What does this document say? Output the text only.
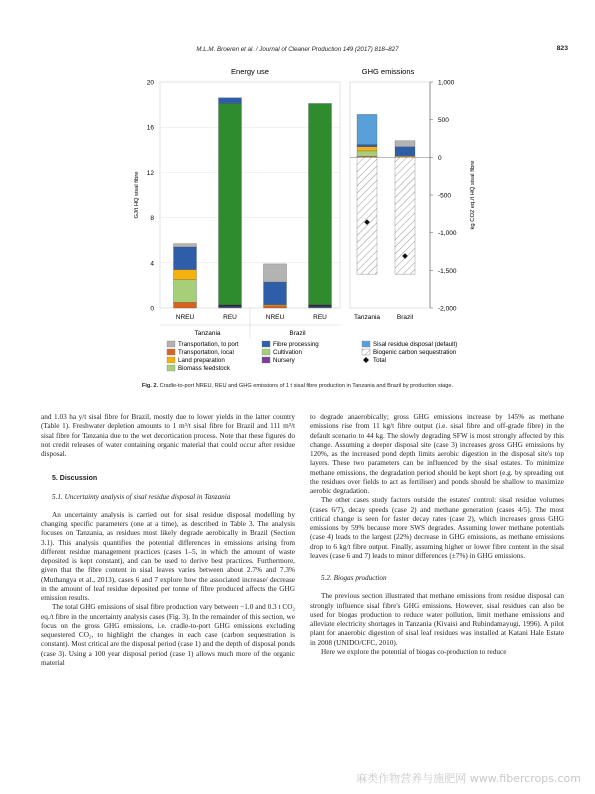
M.L.M. Broeren et al. / Journal of Cleaner Production 149 (2017) 818–827	823
Energy use
0
4
8
12
16
20
GJ/t HQ sisal fibre
NREU	REU	NREU	REU
Tanzania	Brazil
GHG emissions
1,000
500
0
-500
-1,000
-1,500
-2,000
kg CO2 eq./t HQ sisal fibre
Tanzania	Brazil
Transportation, to port
Transportation, local
Land preparation
Biomass feedstock
Fibre processing
Cultivation
Nursery
Sisal residue disposal (default)
Biogenic carbon sequestration
Total
Fig. 2. Cradle-to-port NREU, REU and GHG emissions of 1 t sisal fibre production in Tanzania and Brazil by production stage.

and 1.03 ha y/t sisal fibre for Brazil, mostly due to lower yields in the latter country (Table 1). Freshwater depletion amounts to 1 m³/t sisal fibre for Brazil and 111 m³/t sisal fibre for Tanzania due to the wet decortication process. Note that these figures do not credit releases of water containing organic material that could occur after residue disposal.

5. Discussion

5.1. Uncertainty analysis of sisal residue disposal in Tanzania

An uncertainty analysis is carried out for sisal residue disposal modelling by changing specific parameters (one at a time), as described in Table 3. The analysis focuses on Tanzania, as residues most likely degrade aerobically in Brazil (Section 3.1). This analysis quantifies the potential differences in emissions arising from different residue management practices (cases 1–5, in which the amount of waste deposited is kept constant), and can be used to derive best practices. Furthermore, given that the fibre content in sisal leaves varies between about 2.7% and 7.3% (Muthangya et al., 2013), cases 6 and 7 explore how the associated increase/ decrease in the amount of leaf residue deposited per tonne of fibre produced affects the GHG emission results.

The total GHG emissions of sisal fibre production vary between −1.0 and 0.3 t CO₂ eq./t fibre in the uncertainty analysis cases (Fig. 3). In the remainder of this section, we focus on the gross GHG emissions, i.e. cradle-to-port GHG emissions excluding sequestered CO₂, to highlight the changes in each case (carbon sequestration is constant). Most critical are the disposal period (case 1) and the depth of disposal ponds (case 3). Using a 100 year disposal period (case 1) allows much more of the organic material

to degrade anaerobically; gross GHG emissions increase by 145% as methane emissions rise from 11 kg/t fibre output (i.e. sisal fibre and off-grade fibre) in the default scenario to 44 kg. The slowly degrading SFW is most strongly affected by this change. Assuming a deeper disposal site (case 3) increases gross GHG emissions by 120%, as the increased pond depth limits aerobic digestion in the disposal site's top layers. These two parameters can be influenced by the sisal estates. To minimize methane emissions, the degradation period should be kept short (e.g. by spreading out the residues over fields to act as fertiliser) and ponds should be shallow to maximize aerobic degradation.

The other cases study factors outside the estates' control: sisal residue volumes (cases 6/7), decay speeds (case 2) and methane generation (cases 4/5). The most critical change is seen for faster decay rates (case 2), which increases gross GHG emissions by 59% because more SWS degrades. Assuming lower methane potentials (case 4) leads to the largest (22%) decrease in GHG emissions, as methane emissions drop to 6 kg/t fibre output. Finally, assuming higher or lower fibre content in the sisal leaves (case 6 and 7) leads to minor differences (±7%) in GHG emissions.

5.2. Biogas production

The previous section illustrated that methane emissions from residue disposal can strongly influence sisal fibre's GHG emissions. However, sisal residues can also be used for biogas production to reduce water pollution, limit methane emissions and alleviate electricity shortages in Tanzania (Kivaisi and Rubindamayugi, 1996). A pilot plant for anaerobic digestion of sisal leaf residues was installed at Katani Hale Estate in 2008 (UNIDO/CFC, 2010).

Here we explore the potential of biogas co-production to reduce

麻类作物营养与施肥网 www.fibercrops.com
